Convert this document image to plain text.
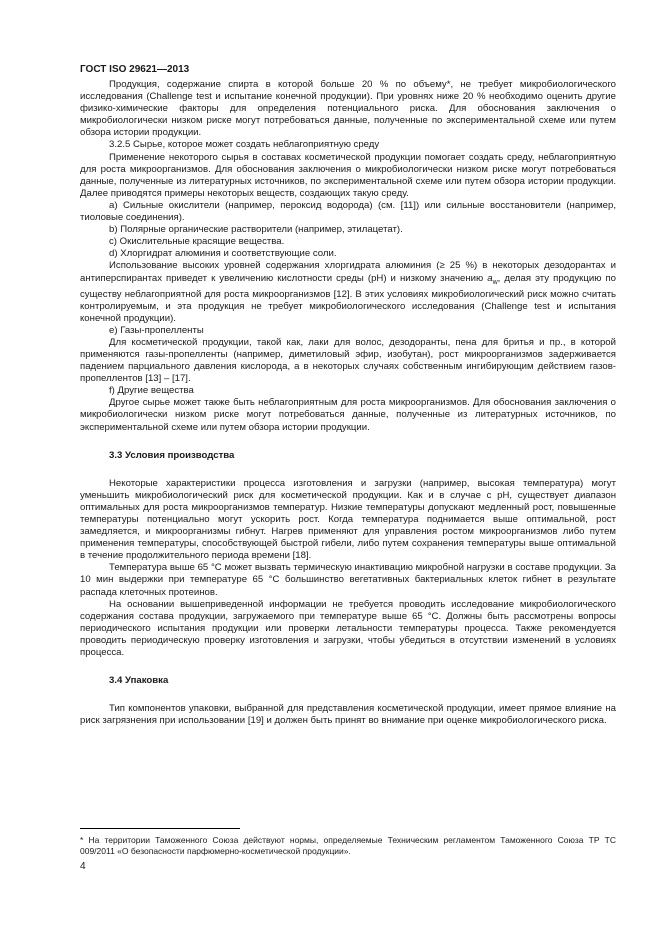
ГОСТ ISO 29621—2013

Продукция, содержание спирта в которой больше 20 % по объему*, не требует микробиологического исследования (Challenge test и испытание конечной продукции). При уровнях ниже 20 % необходимо оценить другие физико-химические факторы для определения потенциального риска. Для обоснования заключения о микробиологически низком риске могут потребоваться данные, полученные по экспериментальной схеме или путем обзора истории продукции.

3.2.5 Сырье, которое может создать неблагоприятную среду

Применение некоторого сырья в составах косметической продукции помогает создать среду, неблагоприятную для роста микроорганизмов. Для обоснования заключения о микробиологически низком риске могут потребоваться данные, полученные из литературных источников, по экспериментальной схеме или путем обзора истории продукции. Далее приводятся примеры некоторых веществ, создающих такую среду.

a) Сильные окислители (например, пероксид водорода) (см. [11]) или сильные восстановители (например, тиоловые соединения).

b) Полярные органические растворители (например, этилацетат).

c) Окислительные красящие вещества.

d) Хлоргидрат алюминия и соответствующие соли.

Использование высоких уровней содержания хлоргидрата алюминия (≥ 25 %) в некоторых дезодорантах и антиперспирантах приведет к увеличению кислотности среды (pH) и низкому значению $a_w$, делая эту продукцию по существу неблагоприятной для роста микроорганизмов [12]. В этих условиях микробиологический риск можно считать контролируемым, и эта продукция не требует микробиологического исследования (Challenge test и испытания конечной продукции).

e) Газы-пропелленты

Для косметической продукции, такой как, лаки для волос, дезодоранты, пена для бритья и пр., в которой применяются газы-пропелленты (например, диметиловый эфир, изобутан), рост микроорганизмов задерживается падением парциального давления кислорода, а в некоторых случаях собственным ингибирующим действием газов-пропеллентов [13] – [17].

f) Другие вещества

Другое сырье может также быть неблагоприятным для роста микроорганизмов. Для обоснования заключения о микробиологически низком риске могут потребоваться данные, полученные из литературных источников, по экспериментальной схеме или путем обзора истории продукции.

3.3 Условия производства

Некоторые характеристики процесса изготовления и загрузки (например, высокая температура) могут уменьшить микробиологический риск для косметической продукции. Как и в случае с pH, существует диапазон оптимальных для роста микроорганизмов температур. Низкие температуры допускают медленный рост, повышенные температуры потенциально могут ускорить рост. Когда температура поднимается выше оптимальной, рост замедляется, и микроорганизмы гибнут. Нагрев применяют для управления ростом микроорганизмов либо путем применения температуры, способствующей быстрой гибели, либо путем сохранения температуры выше оптимальной в течение продолжительного периода времени [18].

Температура выше 65 °C может вызвать термическую инактивацию микробной нагрузки в составе продукции. За 10 мин выдержки при температуре 65 °C большинство вегетативных бактериальных клеток гибнет в результате распада клеточных протеинов.

На основании вышеприведенной информации не требуется проводить исследование микробиологического содержания состава продукции, загружаемого при температуре выше 65 °C. Должны быть рассмотрены вопросы периодического испытания продукции или проверки летальности температуры процесса. Также рекомендуется проводить периодическую проверку изготовления и загрузки, чтобы убедиться в отсутствии изменений в условиях процесса.

3.4 Упаковка

Тип компонентов упаковки, выбранной для представления косметической продукции, имеет прямое влияние на риск загрязнения при использовании [19] и должен быть принят во внимание при оценке микробиологического риска.

* На территории Таможенного Союза действуют нормы, определяемые Техническим регламентом Таможенного Союза ТР ТС 009/2011 «О безопасности парфюмерно-косметической продукции».
4
